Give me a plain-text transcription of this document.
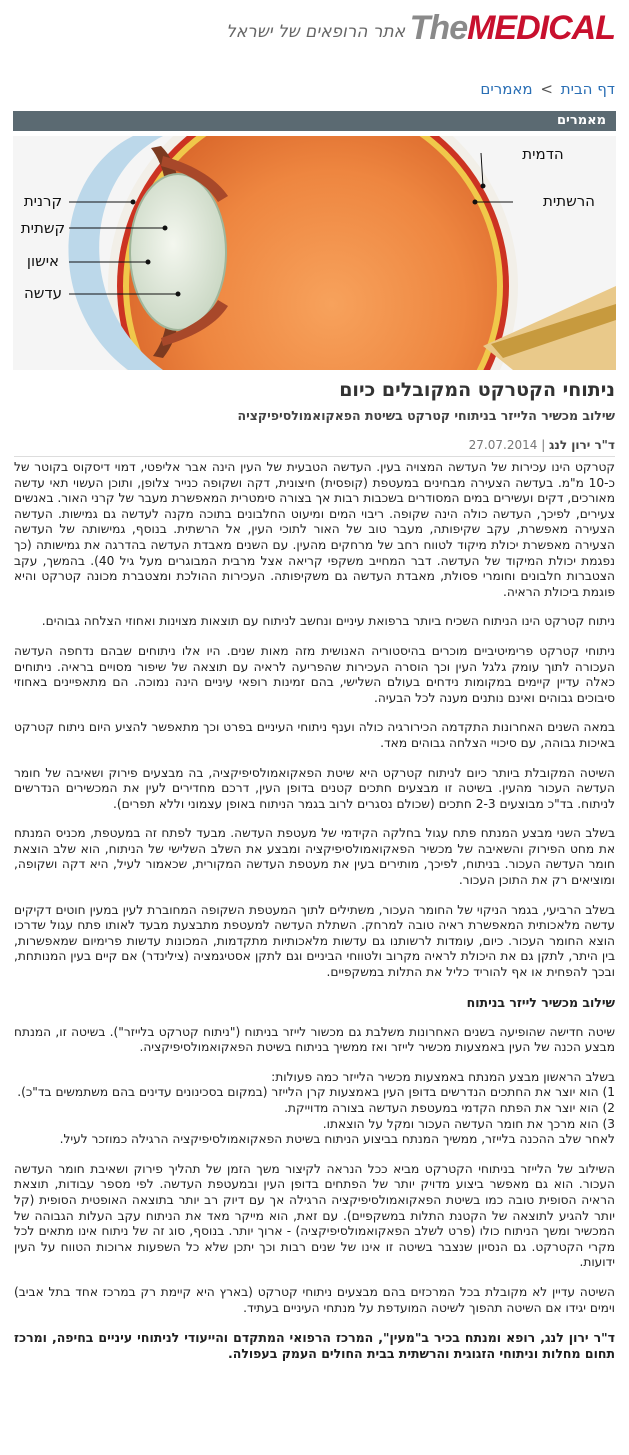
TheMEDICAL
אתר הרופאים של ישראל
דף הבית > מאמרים
מאמרים
הדמית
הרשתית
קרנית
קשתית
אישון
עדשה
ניתוחי הקטרקט המקובלים כיום
שילוב מכשיר הלייזר בניתוחי קטרקט בשיטת הפאקואמולסיפיקציה
ד"ר ירון לנג | 27.07.2014

קטרקט הינו עכירות של העדשה המצויה בעין. העדשה הטבעית של העין הינה אבר אליפטי, דמוי דיסקוס בקוטר של כ-10 מ"מ. בעדשה הצעירה מבחינים במעטפת (קופסית) חיצונית, דקה ושקופה כנייר צלופן, ותוכן העשוי תאי עדשה מאורכים, דקים ועשירים במים המסודרים בשכבות רבות אך בצורה סימטרית המאפשרת מעבר של קרני האור. באנשים צעירים, לפיכך, העדשה כולה הינה שקופה. ריבוי המים ומיעוט החלבונים בתוכה מקנה לעדשה גם גמישות. העדשה הצעירה מאפשרת, עקב שקיפותה, מעבר טוב של האור לתוכי העין, אל הרשתית. בנוסף, גמישותה של העדשה הצעירה מאפשרת יכולת מיקוד לטווח רחב של מרחקים מהעין. עם השנים מאבדת העדשה בהדרגה את גמישותה (כך נפגמת יכולת המיקוד של העדשה. דבר המחייב משקפי קריאה אצל מרבית המבוגרים מעל גיל 40). בהמשך, עקב הצטברות חלבונים וחומרי פסולת, מאבדת העדשה גם משקיפותה. העכירות ההולכת ומצטברת מכונה קטרקט והיא פוגמת ביכולת הראיה.

ניתוח קטרקט הינו הניתוח השכיח ביותר ברפואת עיניים ונחשב לניתוח עם תוצאות מצוינות ואחוזי הצלחה גבוהים.

ניתוחי קטרקט פרימיטיביים מוכרים בהיסטוריה האנושית מזה מאות שנים. היו אלו ניתוחים שבהם נדחפה העדשה העכורה לתוך עומק גלגל העין וכך הוסרה העכירות שהפריעה לראיה עם תוצאה של שיפור מסויים בראיה. ניתוחים כאלה עדיין קיימים במקומות נידחים בעולם השלישי, בהם זמינות רופאי עיניים הינה נמוכה. הם מתאפיינים באחוזי סיבוכים גבוהים ואינם נותנים מענה לכל הבעיה.

במאה השנים האחרונות התקדמה הכירורגיה כולה וענף ניתוחי העיניים בפרט וכך מתאפשר להציע היום ניתוח קטרקט באיכות גבוהה, עם סיכויי הצלחה גבוהים מאד.

השיטה המקובלת ביותר כיום לניתוח קטרקט היא שיטת הפאקואמולסיפיקציה, בה מבצעים פירוק ושאיבה של חומר העדשה העכור מהעין. בשיטה זו מבצעים חתכים קטנים בדופן העין, דרכם מחדירים לעין את המכשירים הנדרשים לניתוח. בד"כ מבוצעים 2-3 חתכים (שכולם נסגרים לרוב בגמר הניתוח באופן עצמוני וללא תפרים).

בשלב השני מבצע המנתח פתח עגול בחלקה הקידמי של מעטפת העדשה. מבעד לפתח זה במעטפת, מכניס המנתח את מחט הפירוק והשאיבה של מכשיר הפאקואמולסיפיקציה ומבצע את השלב השלישי של הניתוח, הוא שלב הוצאת חומר העדשה העכור. בניתוח, לפיכך, מותירים בעין את מעטפת העדשה המקורית, שכאמור לעיל, היא דקה ושקופה, ומוציאים רק את התוכן העכור.

בשלב הרביעי, בגמר הניקוי של החומר העכור, משתילים לתוך המעטפת השקופה המחוברת לעין במעין חוטים דקיקים עדשה מלאכותית המאפשרת ראיה טובה למרחק. השתלת העדשה למעטפת מתבצעת מבעד לאותו פתח עגול שדרכו הוצא החומר העכור. כיום, עומדות לרשותנו גם עדשות מלאכותיות מתקדמות, המכונות עדשות פרימיום שמאפשרות, בין היתר, לתקן גם את היכולת לראיה מקרוב ולטווחי הביניים וגם לתקן אסטיגמציה (צילינדר) אם קיים בעין המנותחת, ובכך להפחית או אף להוריד כליל את התלות במשקפיים.

שילוב מכשיר לייזר בניתוח

שיטה חדישה שהופיעה בשנים האחרונות משלבת גם מכשור לייזר בניתוח ("ניתוח קטרקט בלייזר"). בשיטה זו, המנתח מבצע הכנה של העין באמצעות מכשיר לייזר ואז ממשיך בניתוח בשיטת הפאקואמולסיפיקציה.

בשלב הראשון מבצע המנתח באמצעות מכשיר הלייזר כמה פעולות:

1) הוא יוצר את החתכים הנדרשים בדופן העין באמצעות קרן הלייזר (במקום בסכינונים עדינים בהם משתמשים בד"כ).

2) הוא יוצר את הפתח הקדמי במעטפת העדשה בצורה מדוייקת.

3) הוא מרכך את חומר העדשה העכור ומקל על הוצאתו.

לאחר שלב ההכנה בלייזר, ממשיך המנתח בביצוע הניתוח בשיטת הפאקואמולסיפיקציה הרגילה כמוזכר לעיל.

השילוב של הלייזר בניתוחי הקטרקט מביא ככל הנראה לקיצור משך הזמן של תהליך פירוק ושאיבת חומר העדשה העכור. הוא גם מאפשר ביצוע מדויק יותר של הפתחים בדופן העין ובמעטפת העדשה. לפי מספר עבודות, תוצאת הראיה הסופית טובה כמו בשיטת הפאקואמולסיפיקציה הרגילה אך עם דיוק רב יותר בתוצאה האופטית הסופית (קל יותר להגיע לתוצאה של הקטנת התלות במשקפיים). עם זאת, הוא מייקר מאד את הניתוח עקב העלות הגבוהה של המכשיר ומשך הניתוח כולו (פרט לשלב הפאקואמולסיפיקציה) - ארוך יותר. בנוסף, סוג זה של ניתוח אינו מתאים לכל מקרי הקטרקט. גם הנסיון שנצבר בשיטה זו אינו של שנים רבות וכך יתכן שלא כל השפעות ארוכות הטווח על העין ידועות.

השיטה עדיין לא מקובלת בכל המרכזים בהם מבצעים ניתוחי קטרקט (בארץ היא קיימת רק במרכז אחד בתל אביב) וימים יגידו אם השיטה תהפוך לשיטה המועדפת על מנתחי העיניים בעתיד.

ד"ר ירון לנג, רופא ומנתח בכיר ב"מעין", המרכז הרפואי המתקדם והייעודי לניתוחי עיניים בחיפה, ומרכז תחום מחלות וניתוחי הזגוגית והרשתית בבית החולים העמק בעפולה.
